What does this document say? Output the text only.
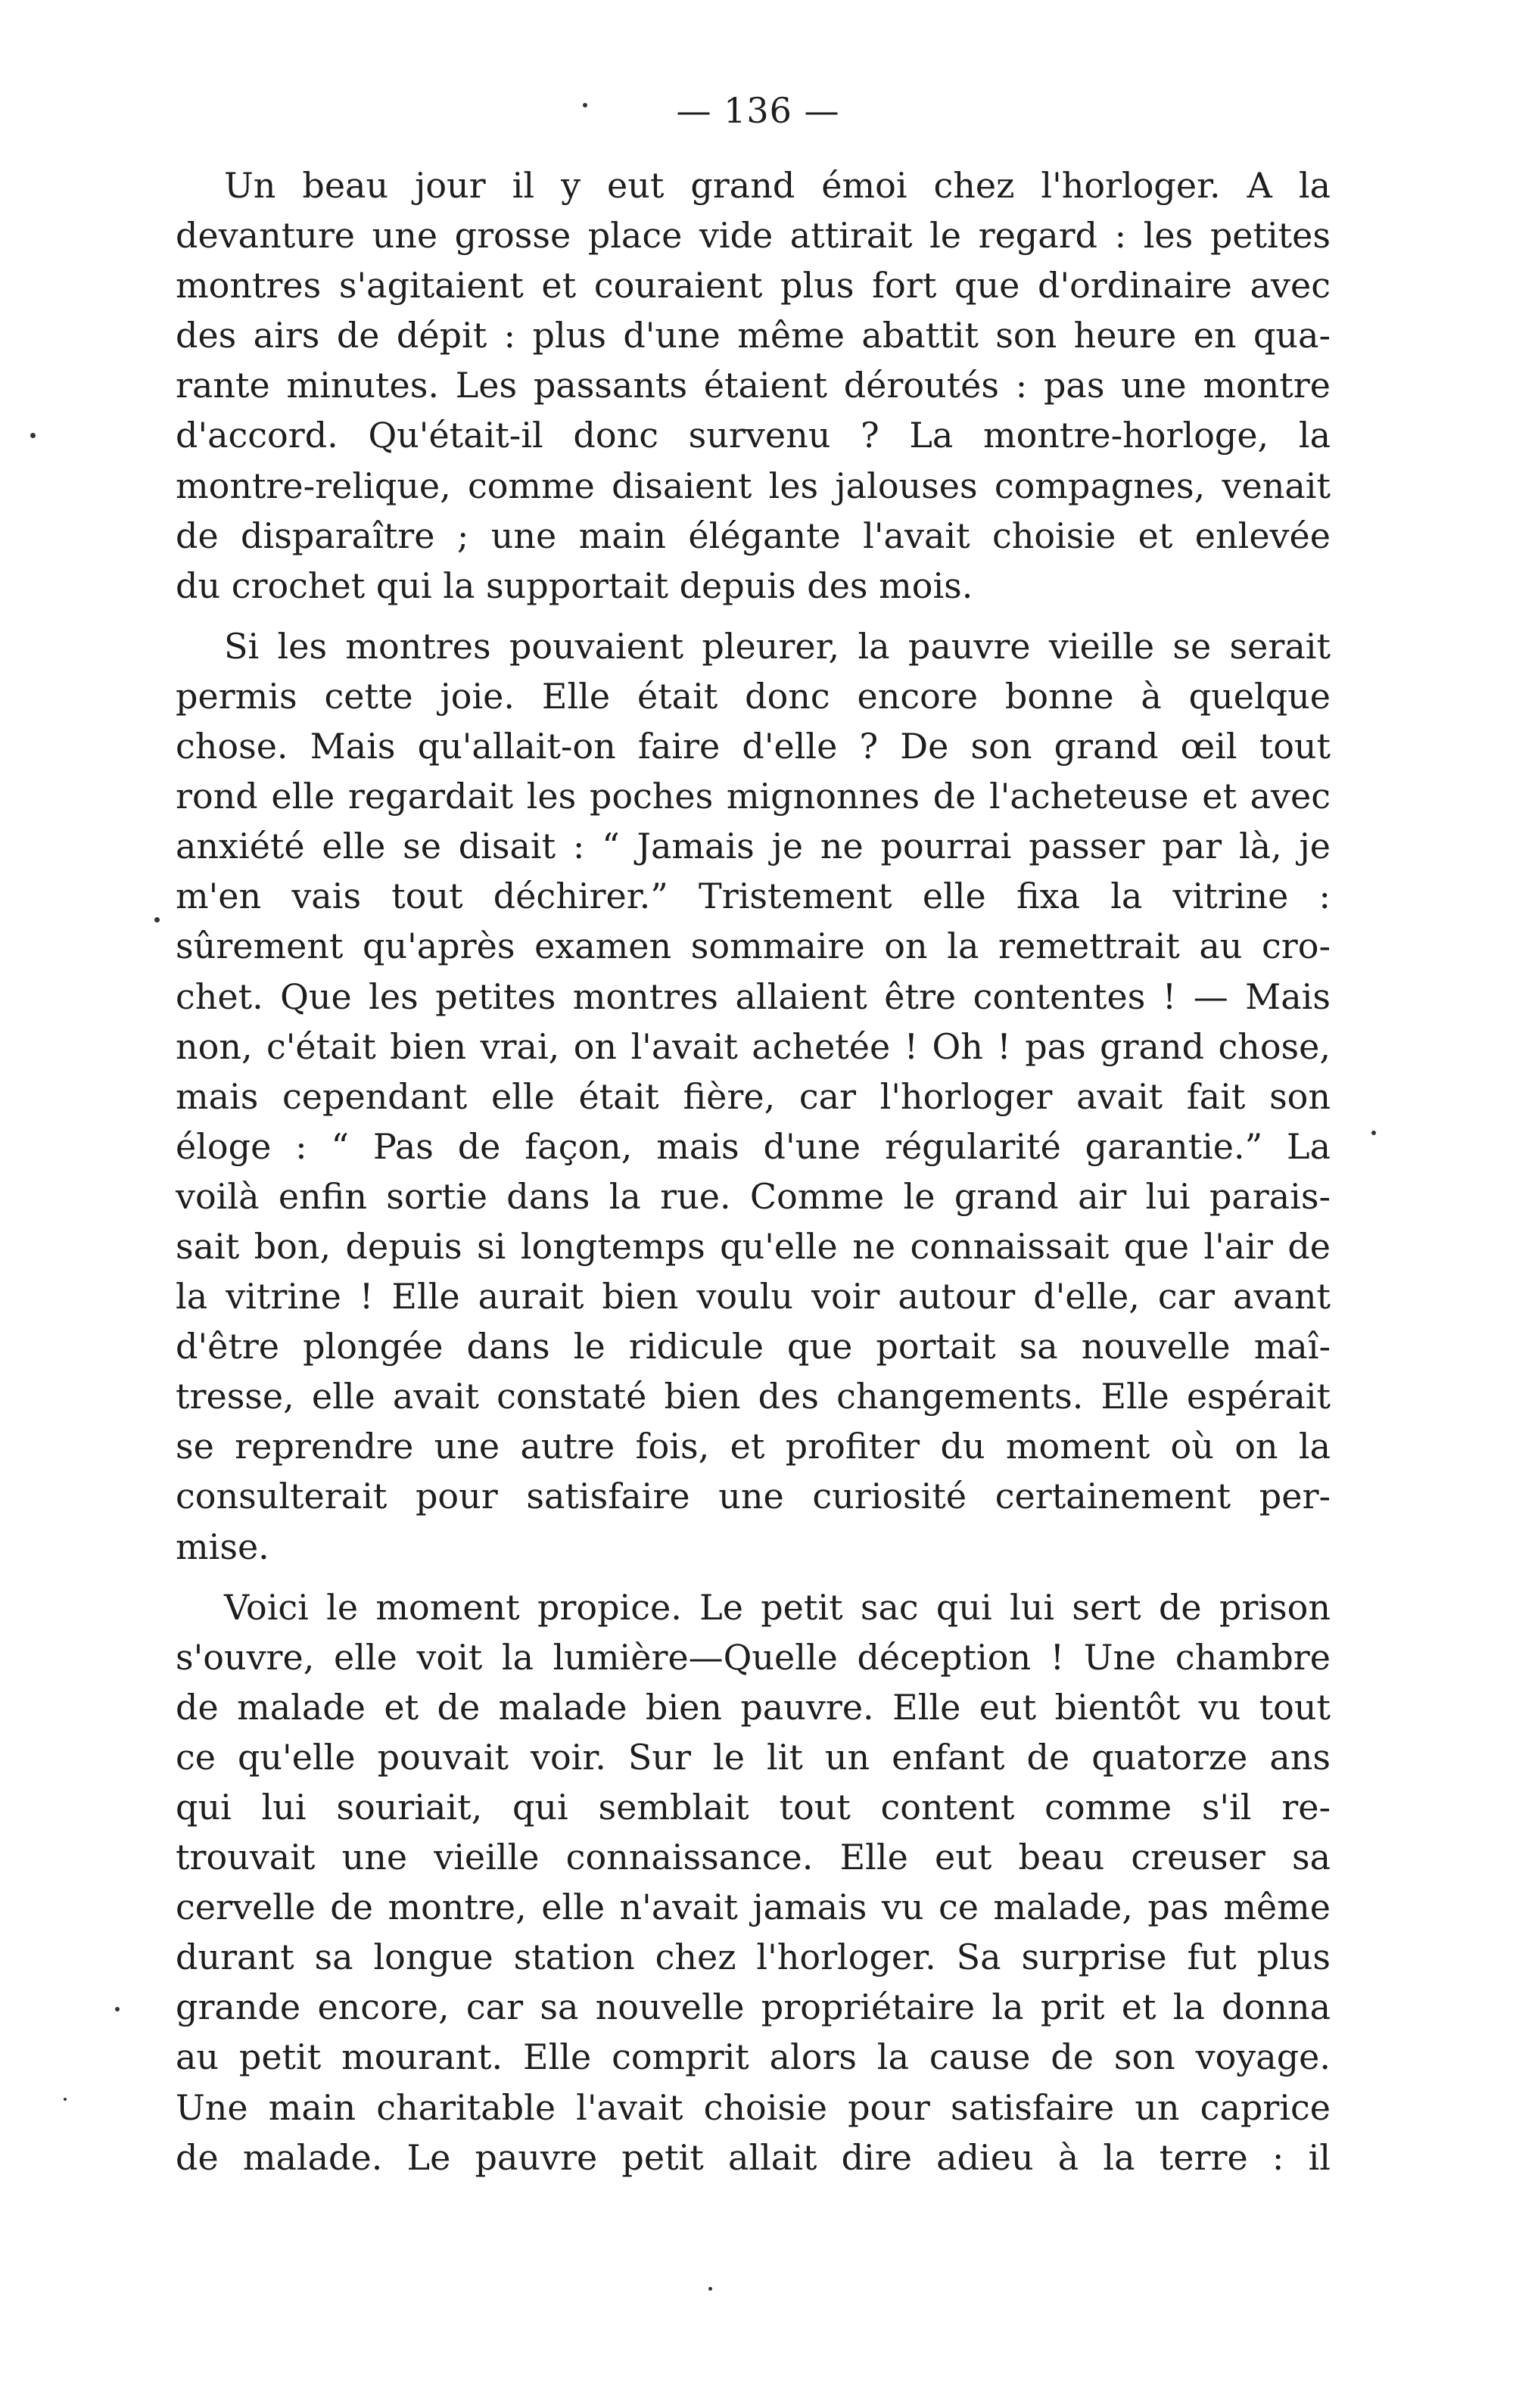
— 136 —

Un beau jour il y eut grand émoi chez l'horloger. A la
devanture une grosse place vide attirait le regard : les petites
montres s'agitaient et couraient plus fort que d'ordinaire avec
des airs de dépit : plus d'une même abattit son heure en qua-
rante minutes. Les passants étaient déroutés : pas une montre
d'accord. Qu'était-il donc survenu ? La montre-horloge, la
montre-relique, comme disaient les jalouses compagnes, venait
de disparaître ; une main élégante l'avait choisie et enlevée
du crochet qui la supportait depuis des mois.

Si les montres pouvaient pleurer, la pauvre vieille se serait
permis cette joie. Elle était donc encore bonne à quelque
chose. Mais qu'allait-on faire d'elle ? De son grand œil tout
rond elle regardait les poches mignonnes de l'acheteuse et avec
anxiété elle se disait : “ Jamais je ne pourrai passer par là, je
m'en vais tout déchirer.” Tristement elle fixa la vitrine :
sûrement qu'après examen sommaire on la remettrait au cro-
chet. Que les petites montres allaient être contentes ! — Mais
non, c'était bien vrai, on l'avait achetée ! Oh ! pas grand chose,
mais cependant elle était fière, car l'horloger avait fait son
éloge : “ Pas de façon, mais d'une régularité garantie.” La
voilà enfin sortie dans la rue. Comme le grand air lui parais-
sait bon, depuis si longtemps qu'elle ne connaissait que l'air de
la vitrine ! Elle aurait bien voulu voir autour d'elle, car avant
d'être plongée dans le ridicule que portait sa nouvelle maî-
tresse, elle avait constaté bien des changements. Elle espérait
se reprendre une autre fois, et profiter du moment où on la
consulterait pour satisfaire une curiosité certainement per-
mise.

Voici le moment propice. Le petit sac qui lui sert de prison
s'ouvre, elle voit la lumière—Quelle déception ! Une chambre
de malade et de malade bien pauvre. Elle eut bientôt vu tout
ce qu'elle pouvait voir. Sur le lit un enfant de quatorze ans
qui lui souriait, qui semblait tout content comme s'il re-
trouvait une vieille connaissance. Elle eut beau creuser sa
cervelle de montre, elle n'avait jamais vu ce malade, pas même
durant sa longue station chez l'horloger. Sa surprise fut plus
grande encore, car sa nouvelle propriétaire la prit et la donna
au petit mourant. Elle comprit alors la cause de son voyage.
Une main charitable l'avait choisie pour satisfaire un caprice
de malade. Le pauvre petit allait dire adieu à la terre : il
